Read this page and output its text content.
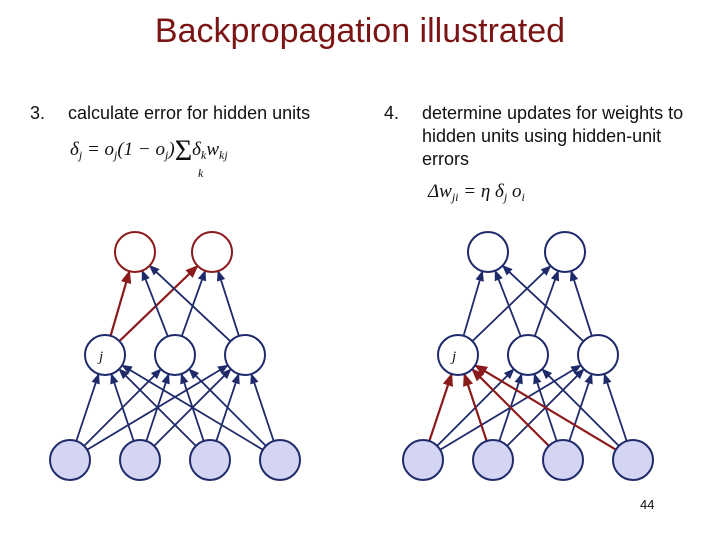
Backpropagation illustrated
3. calculate error for hidden units	4. determine updates for weights to hidden units using hidden-unit errors
$\delta_j = o_j(1 - o_j)\Sigma\delta_kw_{kj}$
k
$\Delta w_{ji} = \eta$ $\delta_j$ $o_i$
j	j
44
